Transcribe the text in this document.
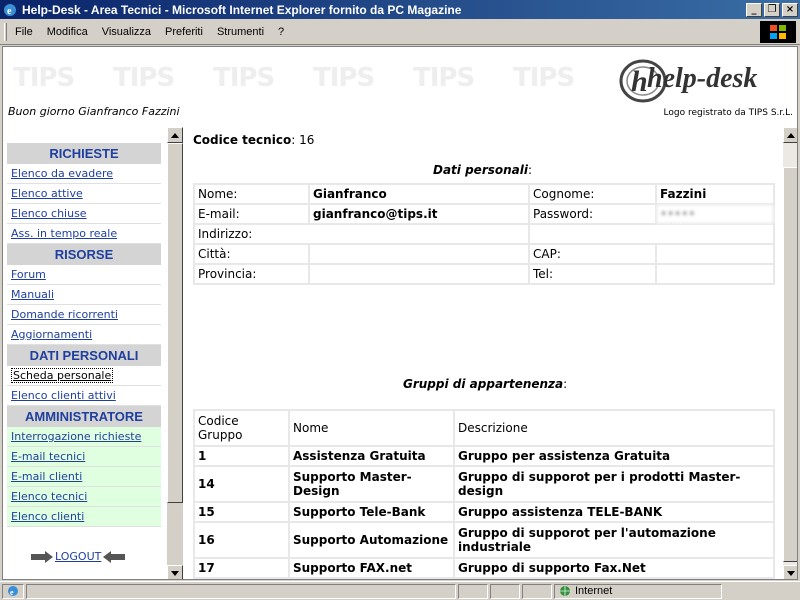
e Help-Desk - Area Tecnici - Microsoft Internet Explorer fornito da PC Magazine	_	❐ ×
File Modifica Visualizza Preferiti Strumenti ?
TIPS TIPS TIPS TIPS TIPS TIPS
Buon giorno Gianfranco Fazzini
h help-desk
Logo registrato da TIPS S.r.L.
RICHIESTE
Elenco da evadere
Elenco attive
Elenco chiuse
Ass. in tempo reale
RISORSE
Forum
Manuali
Domande ricorrenti
Aggiornamenti
DATI PERSONALI
Scheda personale
Elenco clienti attivi
AMMINISTRATORE
Interrogazione richieste
E-mail tecnici
E-mail clienti
Elenco tecnici
Elenco clienti
LOGOUT
Codice tecnico: 16
Dati personali:
Nome:	Gianfranco	Cognome:	Fazzini
E-mail:	gianfranco@tips.it	Password:	•••••
Indirizzo:			
Città:		CAP:	
Provincia:		Tel:	
Gruppi di appartenenza:
Codice Gruppo	Nome	Descrizione
1	Assistenza Gratuita	Gruppo per assistenza Gratuita
14	Supporto Master-Design	Gruppo di supporot per i prodotti Master-design
15	Supporto Tele-Bank	Gruppo assistenza TELE-BANK
16	Supporto Automazione	Gruppo di supporot per l'automazione industriale
17	Supporto FAX.net	Gruppo di supporto Fax.Net

e	Internet
